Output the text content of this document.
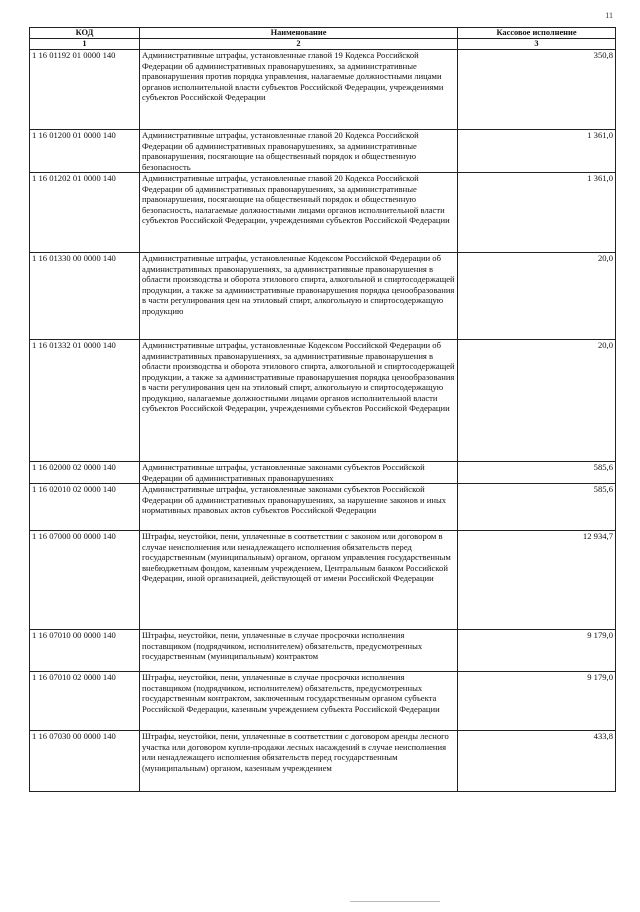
11
КОД	Наименование	Кассовое исполнение
1	2	3
1 16 01192 01 0000 140	Административные штрафы, установленные главой 19 Кодекса Российской Федерации об административных правонарушениях, за административные правонарушения против порядка управления, налагаемые должностными лицами органов исполнительной власти субъектов Российской Федерации, учреждениями субъектов Российской Федерации	350,8
1 16 01200 01 0000 140	Административные штрафы, установленные главой 20 Кодекса Российской Федерации об административных правонарушениях, за административные правонарушения, посягающие на общественный порядок и общественную безопасность	1 361,0
1 16 01202 01 0000 140	Административные штрафы, установленные главой 20 Кодекса Российской Федерации об административных правонарушениях, за административные правонарушения, посягающие на общественный порядок и общественную безопасность, налагаемые должностными лицами органов исполнительной власти субъектов Российской Федерации, учреждениями субъектов Российской Федерации	1 361,0
1 16 01330 00 0000 140	Административные штрафы, установленные Кодексом Российской Федерации об административных правонарушениях, за административные правонарушения в области производства и оборота этилового спирта, алкогольной и спиртосодержащей продукции, а также за административные правонарушения порядка ценообразования в части регулирования цен на этиловый спирт, алкогольную и спиртосодержащую продукцию	20,0
1 16 01332 01 0000 140	Административные штрафы, установленные Кодексом Российской Федерации об административных правонарушениях, за административные правонарушения в области производства и оборота этилового спирта, алкогольной и спиртосодержащей продукции, а также за административные правонарушения порядка ценообразования в части регулирования цен на этиловый спирт, алкогольную и спиртосодержащую продукцию, налагаемые должностными лицами органов исполнительной власти субъектов Российской Федерации, учреждениями субъектов Российской Федерации	20,0
1 16 02000 02 0000 140	Административные штрафы, установленные законами субъектов Российской Федерации об административных правонарушениях	585,6
1 16 02010 02 0000 140	Административные штрафы, установленные законами субъектов Российской Федерации об административных правонарушениях, за нарушение законов и иных нормативных правовых актов субъектов Российской Федерации	585,6
1 16 07000 00 0000 140	Штрафы, неустойки, пени, уплаченные в соответствии с законом или договором в случае неисполнения или ненадлежащего исполнения обязательств перед государственным (муниципальным) органом, органом управления государственным внебюджетным фондом, казенным учреждением, Центральным банком Российской Федерации, иной организацией, действующей от имени Российской Федерации	12 934,7
1 16 07010 00 0000 140	Штрафы, неустойки, пени, уплаченные в случае просрочки исполнения поставщиком (подрядчиком, исполнителем) обязательств, предусмотренных государственным (муниципальным) контрактом	9 179,0
1 16 07010 02 0000 140	Штрафы, неустойки, пени, уплаченные в случае просрочки исполнения поставщиком (подрядчиком, исполнителем) обязательств, предусмотренных государственным контрактом, заключенным государственным органом субъекта Российской Федерации, казенным учреждением субъекта Российской Федерации	9 179,0
1 16 07030 00 0000 140	Штрафы, неустойки, пени, уплаченные в соответствии с договором аренды лесного участка или договором купли-продажи лесных насаждений в случае неисполнения или ненадлежащего исполнения обязательств перед государственным (муниципальным) органом, казенным учреждением	433,8
